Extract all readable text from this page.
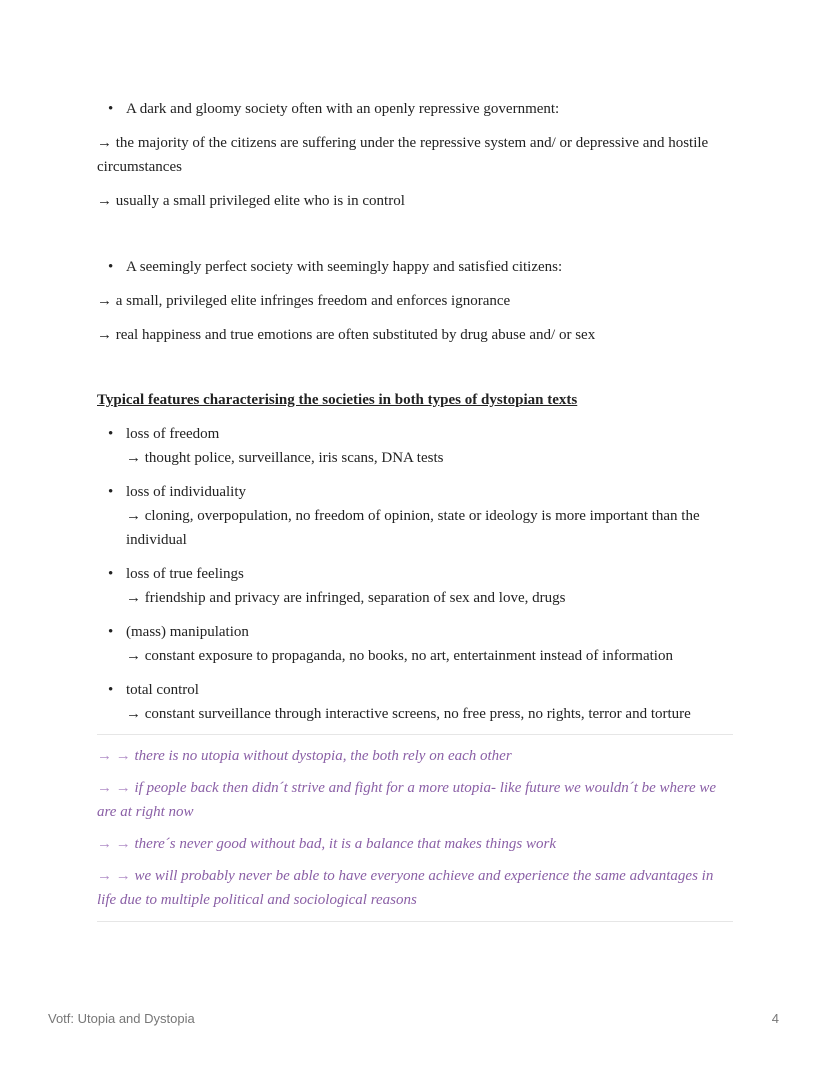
• A dark and gloomy society often with an openly repressive government:
→ the majority of the citizens are suffering under the repressive system and/ or depressive and hostile circumstances
→ usually a small privileged elite who is in control
• A seemingly perfect society with seemingly happy and satisfied citizens:
→ a small, privileged elite infringes freedom and enforces ignorance
→ real happiness and true emotions are often substituted by drug abuse and/ or sex
Typical features characterising the societies in both types of dystopian texts
• loss of freedom
→ thought police, surveillance, iris scans, DNA tests
• loss of individuality
→ cloning, overpopulation, no freedom of opinion, state or ideology is more important than the individual
• loss of true feelings
→ friendship and privacy are infringed, separation of sex and love, drugs
• (mass) manipulation
→ constant exposure to propaganda, no books, no art, entertainment instead of information
• total control
→ constant surveillance through interactive screens, no free press, no rights, terror and torture
→ → there is no utopia without dystopia, the both rely on each other
→ → if people back then didn´t strive and fight for a more utopia- like future we wouldn´t be where we are at right now
→ → there´s never good without bad, it is a balance that makes things work
→ → we will probably never be able to have everyone achieve and experience the same advantages in life due to multiple political and sociological reasons
Votf: Utopia and Dystopia	4
